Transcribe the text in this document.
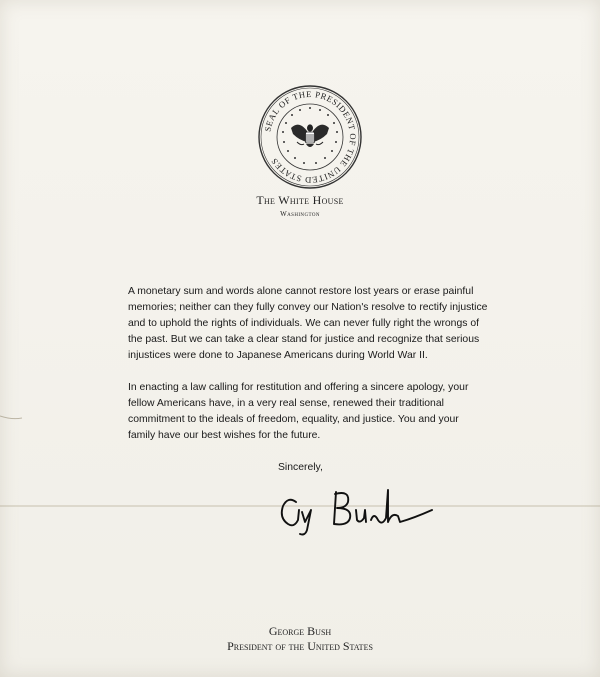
SEAL OF THE PRESIDENT OF THE UNITED STATES
The White House
Washington

A monetary sum and words alone cannot restore lost years or erase painful memories; neither can they fully convey our Nation's resolve to rectify injustice and to uphold the rights of individuals. We can never fully right the wrongs of the past. But we can take a clear stand for justice and recognize that serious injustices were done to Japanese Americans during World War II.

In enacting a law calling for restitution and offering a sincere apology, your fellow Americans have, in a very real sense, renewed their traditional commitment to the ideals of freedom, equality, and justice. You and your family have our best wishes for the future.

Sincerely,
George Bush
President of the United States
